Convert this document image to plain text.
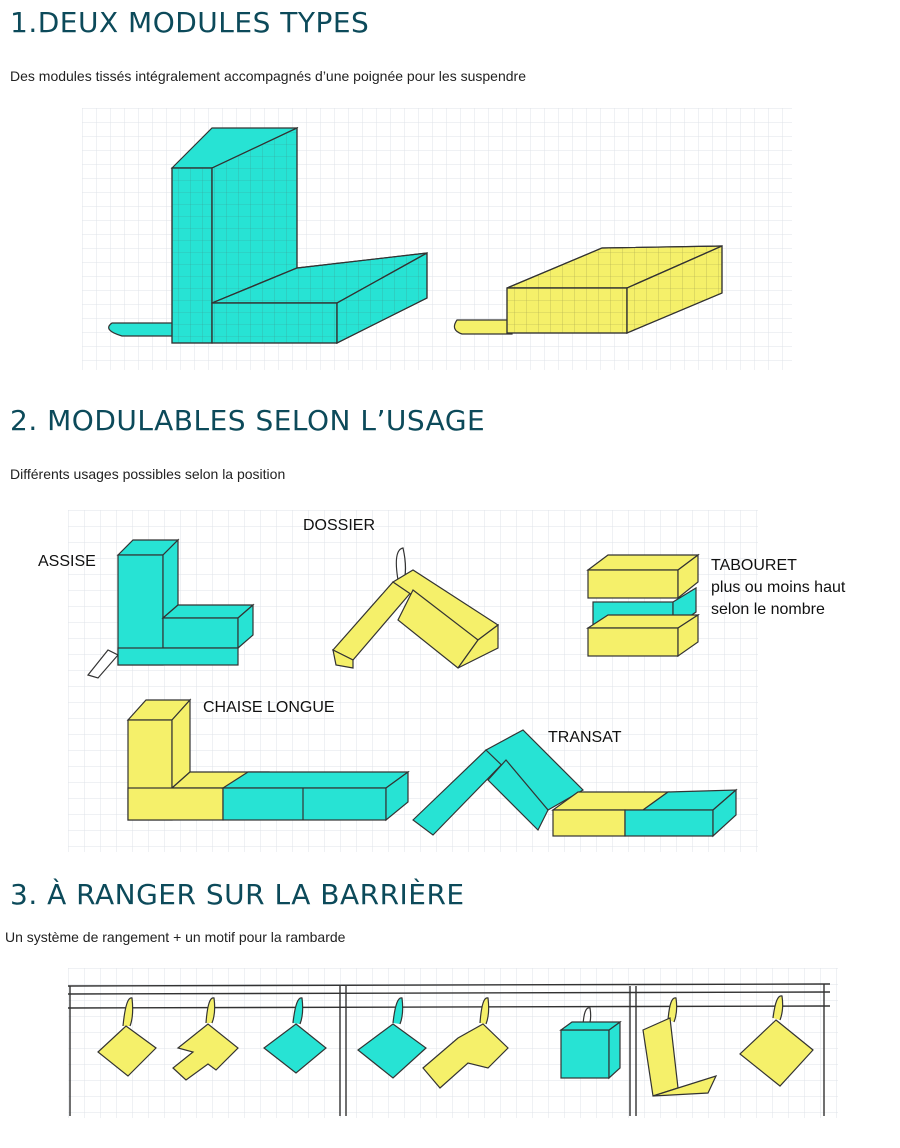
1.DEUX MODULES TYPES

Des modules tissés intégralement accompagnés d’une poignée pour les suspendre

2. MODULABLES SELON L’USAGE

Différents usages possibles selon la position

ASSISE
DOSSIER
TABOURET
plus ou moins haut
selon le nombre
CHAISE LONGUE
TRANSAT
3. À RANGER SUR LA BARRIÈRE

Un système de rangement + un motif pour la rambarde
